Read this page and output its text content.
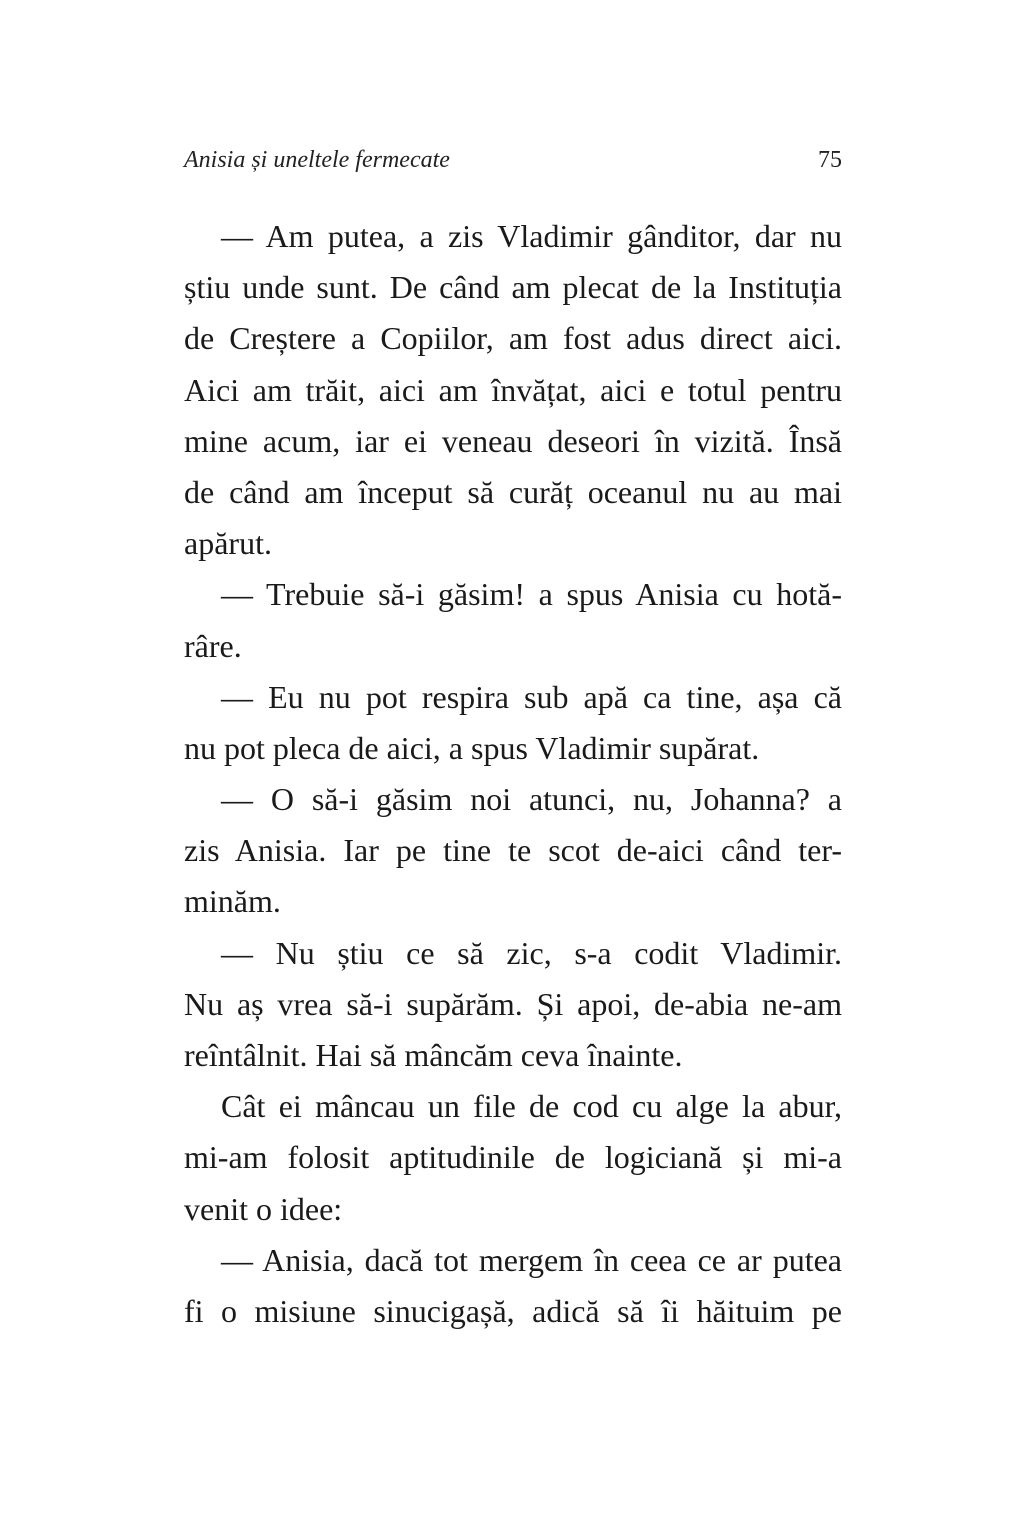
Anisia și uneltele fermecate	75
— Am putea, a zis Vladimir gânditor, dar nu
știu unde sunt. De când am plecat de la Instituția
de Creștere a Copiilor, am fost adus direct aici.
Aici am trăit, aici am învățat, aici e totul pentru
mine acum, iar ei veneau deseori în vizită. Însă
de când am început să curăț oceanul nu au mai
apărut.
— Trebuie să-i găsim! a spus Anisia cu hotă-
râre.
— Eu nu pot respira sub apă ca tine, așa că
nu pot pleca de aici, a spus Vladimir supărat.
— O să-i găsim noi atunci, nu, Johanna? a
zis Anisia. Iar pe tine te scot de-aici când ter-
minăm.
— Nu știu ce să zic, s-a codit Vladimir.
Nu aș vrea să-i supărăm. Și apoi, de-abia ne-am
reîntâlnit. Hai să mâncăm ceva înainte.
Cât ei mâncau un file de cod cu alge la abur,
mi-am folosit aptitudinile de logiciană și mi-a
venit o idee:
— Anisia, dacă tot mergem în ceea ce ar putea
fi o misiune sinucigașă, adică să îi hăituim pe
